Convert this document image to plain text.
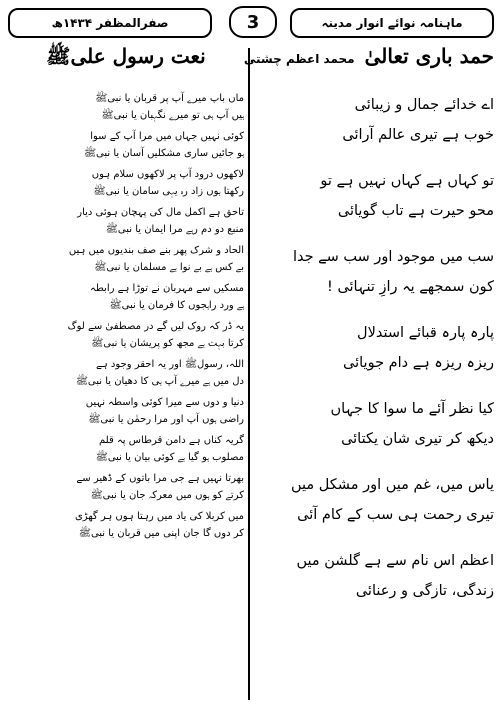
صفرالمظفر ۱۴۳۴ھ	3	ماہنامہ نوائے انوار مدینہ
حمد باری تعالیٰ
محمد اعظم چشتی
اے خدائے جمال و زیبائی
خوب ہے تیری عالم آرائی
تو کہاں ہے کہاں نہیں ہے تو
محو حیرت ہے تاب گویائی
سب میں موجود اور سب سے جدا
کون سمجھے یہ رازِ تنہائی !
پارہ پارہ قبائے استدلال
ریزہ ریزہ ہے دام جویائی
کیا نظر آئے ما سوا کا جہاں
دیکھ کر تیری شان یکتائی
یاس میں، غم میں اور مشکل میں
تیری رحمت ہی سب کے کام آئی
اعظم اس نام سے ہے گلشن میں
زندگی، تازگی و رعنائی
نعت رسول علیﷺ
ماں باپ میرے آپ پر قربان یا نبیﷺ
ہیں آپ ہی تو میرے نگہبان یا نبیﷺ
کوئی نہیں جہاں میں مرا آپ کے سوا
ہو جائیں ساری مشکلیں آسان یا نبیﷺ
لاکھوں درود آپ پر لاکھوں سلام ہوں
رکھتا ہوں زاد رہ یہی سامان یا نبیﷺ
تاحق ہے اکمل مال کی پہچان ہوئی دیار
منبع دو دم رہے مرا ایمان یا نبیﷺ
الحاد و شرک پھر بنے صف بندیوں میں ہیں
بے کس ہے بے نوا ہے مسلمان یا نبیﷺ
مسکیں سے مہربان نے توڑا ہے رابطہ
ہے ورد راہجوں کا فرمان یا نبیﷺ
یہ ڈر کہ روک لیں گے در مصطفیٰ سے لوگ
کرتا بہت ہے مجھ کو پریشان یا نبیﷺ
اللہ، رسولﷺ اور یہ احقر وجود ہے
دل میں ہے میرے آپ ہی کا دھیان یا نبیﷺ
دنیا و دوں سے میرا کوئی واسطہ نہیں
راضی ہوں آپ اور مرا رحمٰن یا نبیﷺ
گریہ کناں ہے دامن قرطاس پہ قلم
مصلوب ہو گیا ہے کوئی بیان یا نبیﷺ
بھرتا نہیں ہے جی مرا باتوں کے ڈھیر سے
کرتے کو ہوں میں معرکہ جان یا نبیﷺ
میں کربلا کی یاد میں رہتا ہوں ہر گھڑی
کر دوں گا جان اپنی میں قربان یا نبیﷺ
